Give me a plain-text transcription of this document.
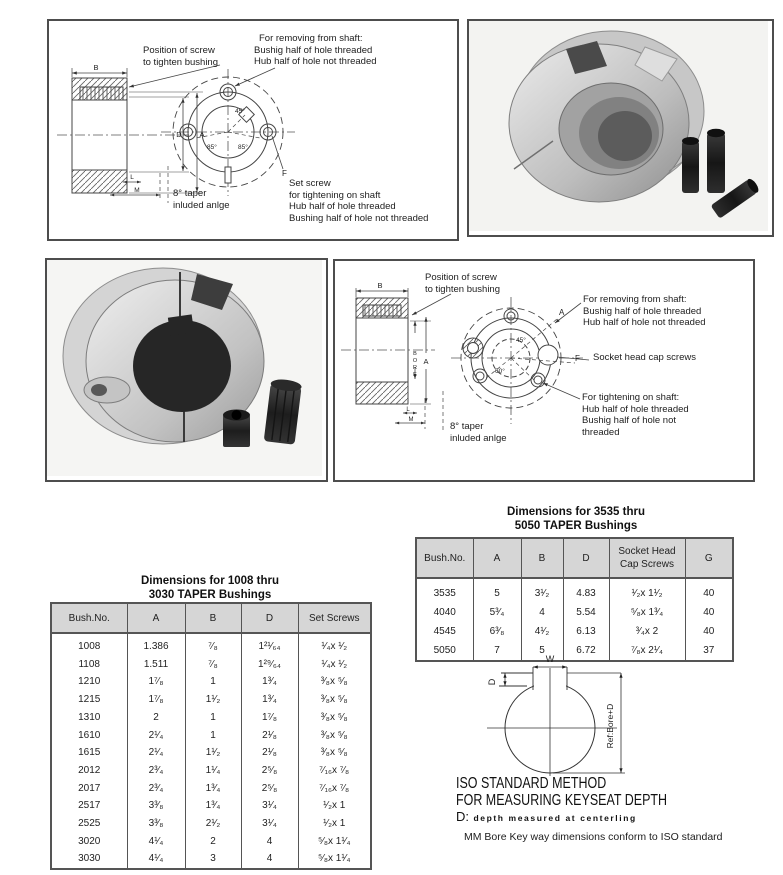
B
D A
L
M
45°
85°	85°
F
Position of screw
to tighten bushing
For removing from shaft:
Bushig half of hole threaded
Hub half of hole not threaded
Set screw
for tightening on shaft
Hub half of hole threaded
Bushing half of hole not threaded
8° taper
inluded anlge
B
BORE A
L
M
45°
60°
A
F
Position of screw
to tighten bushing
For removing from shaft:
Bushig half of hole threaded
Hub half of hole not threaded
Socket head cap screws
For tightening on shaft:
Hub half of hole threaded
Bushig half of hole not
threaded
8° taper
inluded anlge
Dimensions for 3535 thru
5050 TAPER Bushings
Bush.No.	A	B	D	Socket Head
Cap Screws	G
3535	5	3¹⁄₂	4.83	¹⁄₂x 1¹⁄₂	40
4040	5³⁄₄	4	5.54	⁵⁄₈x 1³⁄₄	40
4545	6³⁄₈	4¹⁄₂	6.13	³⁄₄x 2	40
5050	7	5	6.72	⁷⁄₈x 2¹⁄₄	37
Dimensions for 1008 thru
3030 TAPER Bushings
Bush.No.	A	B	D	Set Screws
1008	1.386	⁷⁄₈	1²¹⁄₆₄	¹⁄₄x ¹⁄₂
1108	1.511	⁷⁄₈	1²⁹⁄₆₄	¹⁄₄x ¹⁄₂
1210	1⁷⁄₈	1	1³⁄₄	³⁄₈x ⁵⁄₈
1215	1⁷⁄₈	1¹⁄₂	1³⁄₄	³⁄₈x ⁵⁄₈
1310	2	1	1⁷⁄₈	³⁄₈x ⁵⁄₈
1610	2¹⁄₄	1	2¹⁄₈	³⁄₈x ⁵⁄₈
1615	2¹⁄₄	1¹⁄₂	2¹⁄₈	³⁄₈x ⁵⁄₈
2012	2³⁄₄	1¹⁄₄	2⁵⁄₈	⁷⁄₁₆x ⁷⁄₈
2017	2³⁄₄	1³⁄₄	2⁵⁄₈	⁷⁄₁₆x ⁷⁄₈
2517	3³⁄₈	1³⁄₄	3¹⁄₄	¹⁄₂x 1
2525	3³⁄₈	2¹⁄₂	3¹⁄₄	¹⁄₂x 1
3020	4¹⁄₄	2	4	⁵⁄₈x 1¹⁄₄
3030	4¹⁄₄	3	4	⁵⁄₈x 1¹⁄₄
W
D
Ref:Bore+D
ISO STANDARD METHOD
FOR MEASURING KEYSEAT DEPTH
D: depth measured at centerling
MM Bore Key way dimensions conform to ISO standard
